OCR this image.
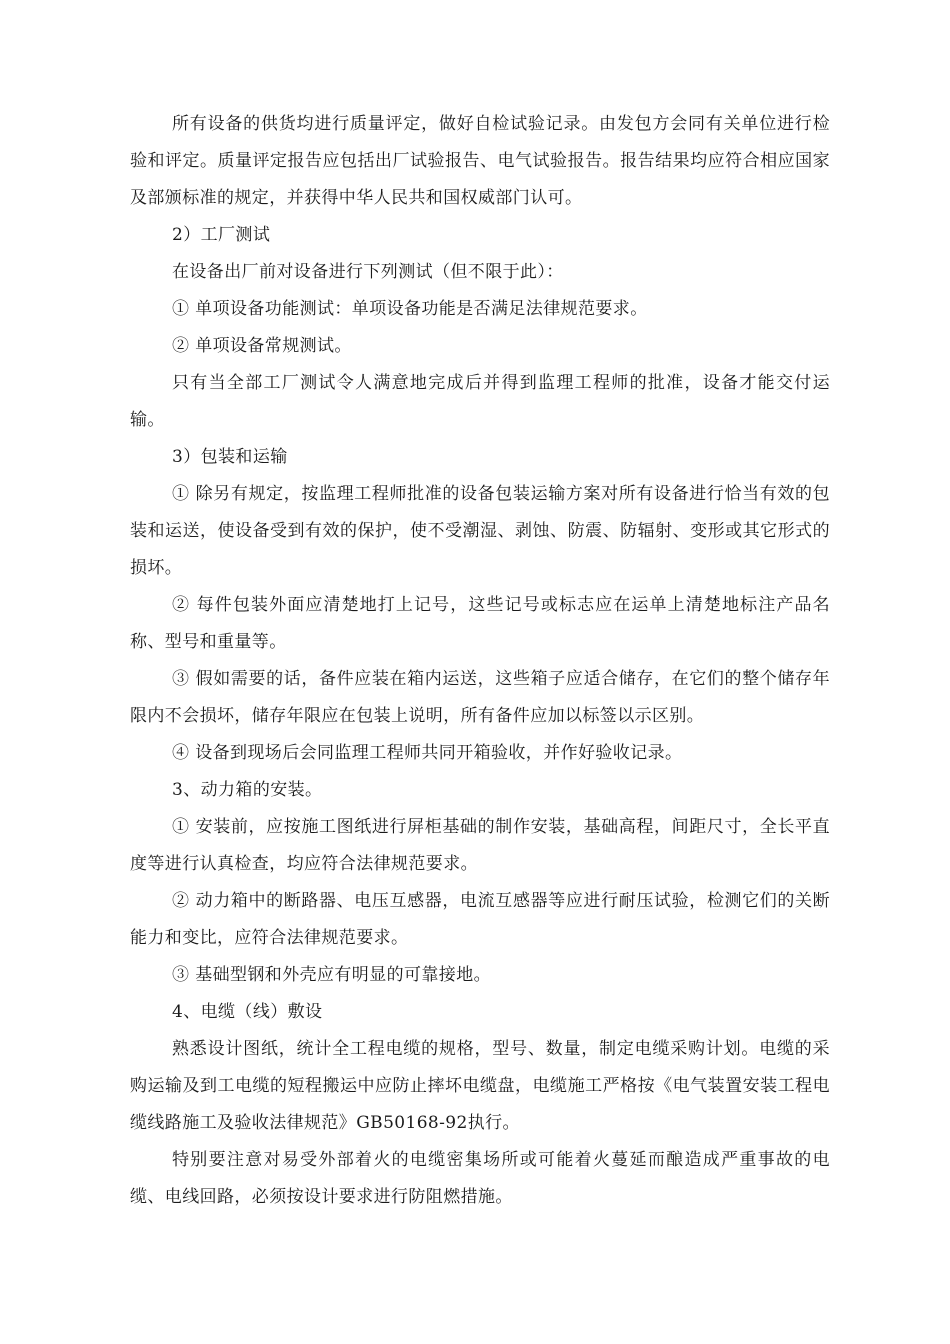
所有设备的供货均进行质量评定，做好自检试验记录。由发包方会同有关单位进行检验和评定。质量评定报告应包括出厂试验报告、电气试验报告。报告结果均应符合相应国家及部颁标准的规定，并获得中华人民共和国权威部门认可。

2）工厂测试

在设备出厂前对设备进行下列测试（但不限于此）：

① 单项设备功能测试：单项设备功能是否满足法律规范要求。

② 单项设备常规测试。

只有当全部工厂测试令人满意地完成后并得到监理工程师的批准，设备才能交付运输。

3）包装和运输

① 除另有规定，按监理工程师批准的设备包装运输方案对所有设备进行恰当有效的包装和运送，使设备受到有效的保护，使不受潮湿、剥蚀、防震、防辐射、变形或其它形式的损坏。

② 每件包装外面应清楚地打上记号，这些记号或标志应在运单上清楚地标注产品名称、型号和重量等。

③ 假如需要的话，备件应装在箱内运送，这些箱子应适合储存，在它们的整个储存年限内不会损坏，储存年限应在包装上说明，所有备件应加以标签以示区别。

④ 设备到现场后会同监理工程师共同开箱验收，并作好验收记录。

3、动力箱的安装。

① 安装前，应按施工图纸进行屏柜基础的制作安装，基础高程，间距尺寸，全长平直度等进行认真检查，均应符合法律规范要求。

② 动力箱中的断路器、电压互感器，电流互感器等应进行耐压试验，检测它们的关断能力和变比，应符合法律规范要求。

③ 基础型钢和外壳应有明显的可靠接地。

4、电缆（线）敷设

熟悉设计图纸，统计全工程电缆的规格，型号、数量，制定电缆采购计划。电缆的采购运输及到工电缆的短程搬运中应防止摔坏电缆盘，电缆施工严格按《电气装置安装工程电缆线路施工及验收法律规范》GB50168-92执行。

特别要注意对易受外部着火的电缆密集场所或可能着火蔓延而酿造成严重事故的电缆、电线回路，必须按设计要求进行防阻燃措施。
